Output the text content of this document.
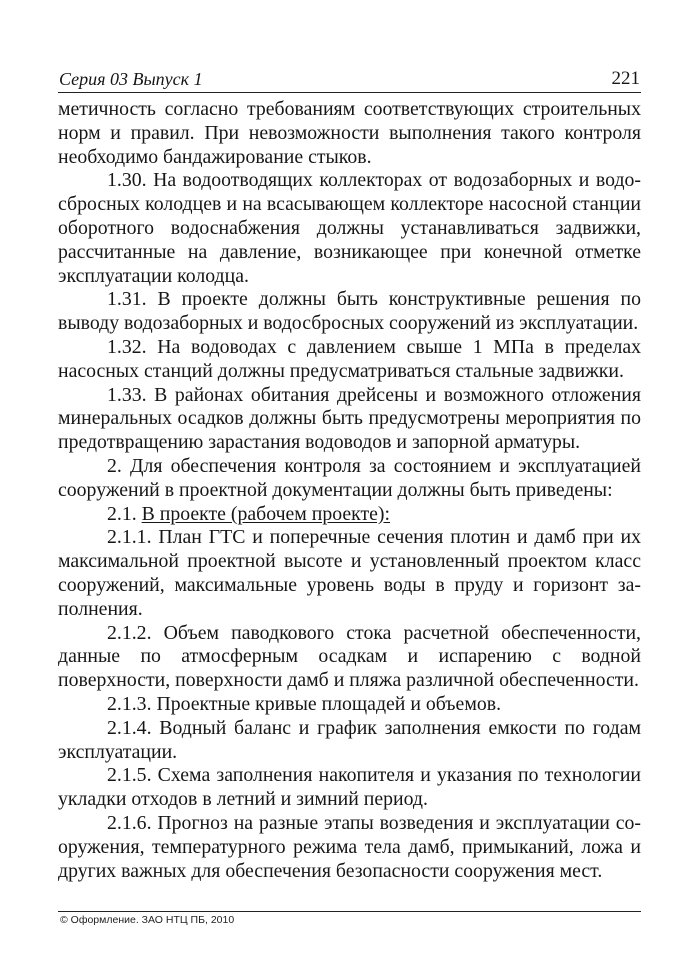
Серия 03 Выпуск 1	221

метичность согласно требованиям соответствующих строительных норм и правил. При невозможности выполнения такого контроля необходимо бандажирование стыков.

1.30. На водоотводящих коллекторах от водозаборных и водосбросных колодцев и на всасывающем коллекторе насосной станции оборотного водоснабжения должны устанавливаться задвижки, рассчитанные на давление, возникающее при конечной отметке эксплуатации колодца.

1.31. В проекте должны быть конструктивные решения по выводу водозаборных и водосбросных сооружений из эксплуатации.

1.32. На водоводах с давлением свыше 1 МПа в пределах насосных станций должны предусматриваться стальные задвижки.

1.33. В районах обитания дрейсены и возможного отложения минеральных осадков должны быть предусмотрены мероприятия по предотвращению зарастания водоводов и запорной арматуры.

2. Для обеспечения контроля за состоянием и эксплуатацией сооружений в проектной документации должны быть приведены:

2.1. В проекте (рабочем проекте):

2.1.1. План ГТС и поперечные сечения плотин и дамб при их максимальной проектной высоте и установленный проектом класс сооружений, максимальные уровень воды в пруду и горизонт заполнения.

2.1.2. Объем паводкового стока расчетной обеспеченности, данные по атмосферным осадкам и испарению с водной поверхности, поверхности дамб и пляжа различной обеспеченности.

2.1.3. Проектные кривые площадей и объемов.

2.1.4. Водный баланс и график заполнения емкости по годам эксплуатации.

2.1.5. Схема заполнения накопителя и указания по технологии укладки отходов в летний и зимний период.

2.1.6. Прогноз на разные этапы возведения и эксплуатации сооружения, температурного режима тела дамб, примыканий, ложа и других важных для обеспечения безопасности сооружения мест.

© Оформление. ЗАО НТЦ ПБ, 2010
